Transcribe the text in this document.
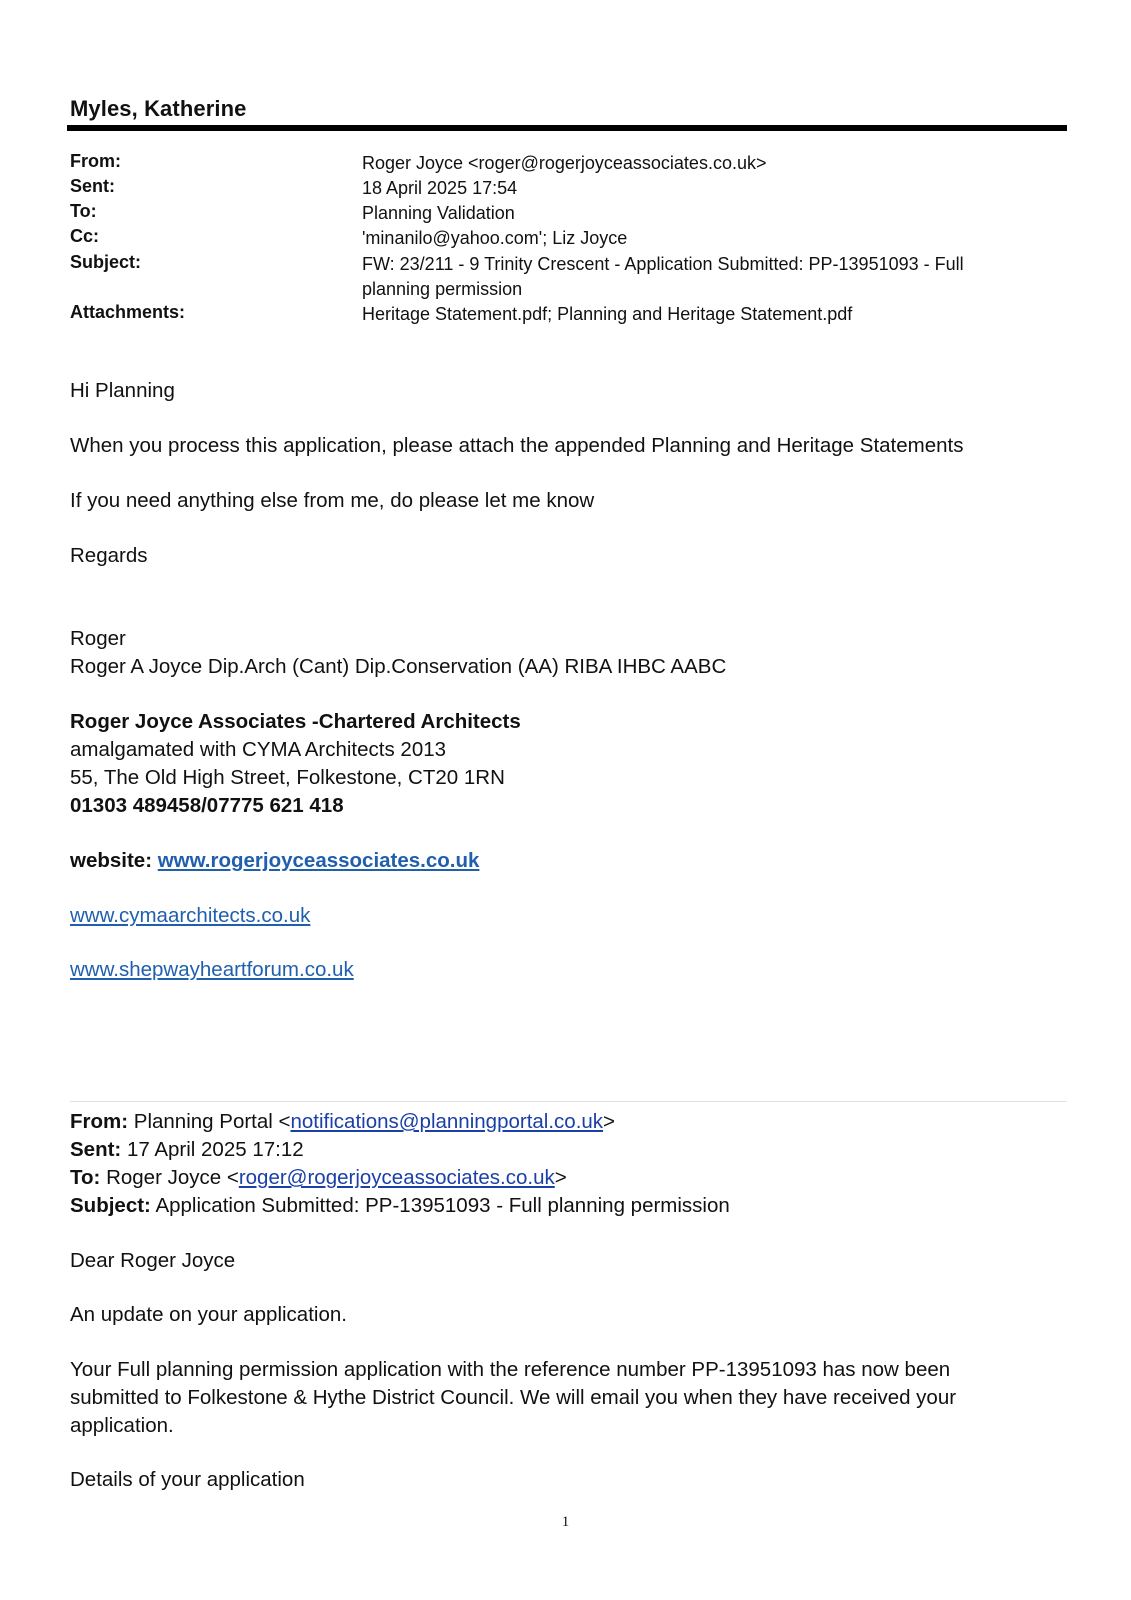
Myles, Katherine
From:	Roger Joyce <roger@rogerjoyceassociates.co.uk>
Sent:	18 April 2025 17:54
To:	Planning Validation
Cc:	'minanilo@yahoo.com'; Liz Joyce
Subject:	FW: 23/211 - 9 Trinity Crescent - Application Submitted: PP-13951093 - Full
planning permission
Attachments:	Heritage Statement.pdf; Planning and Heritage Statement.pdf
Hi Planning
When you process this application, please attach the appended Planning and Heritage Statements
If you need anything else from me, do please let me know
Regards
Roger
Roger A Joyce Dip.Arch (Cant) Dip.Conservation (AA) RIBA IHBC AABC
Roger Joyce Associates -Chartered Architects
amalgamated with CYMA Architects 2013
55, The Old High Street, Folkestone, CT20 1RN
01303 489458/07775 621 418
website: www.rogerjoyceassociates.co.uk
www.cymaarchitects.co.uk
www.shepwayheartforum.co.uk
From: Planning Portal <notifications@planningportal.co.uk>
Sent: 17 April 2025 17:12
To: Roger Joyce <roger@rogerjoyceassociates.co.uk>
Subject: Application Submitted: PP-13951093 - Full planning permission
Dear Roger Joyce
An update on your application.
Your Full planning permission application with the reference number PP-13951093 has now been
submitted to Folkestone & Hythe District Council. We will email you when they have received your
application.
Details of your application
1
